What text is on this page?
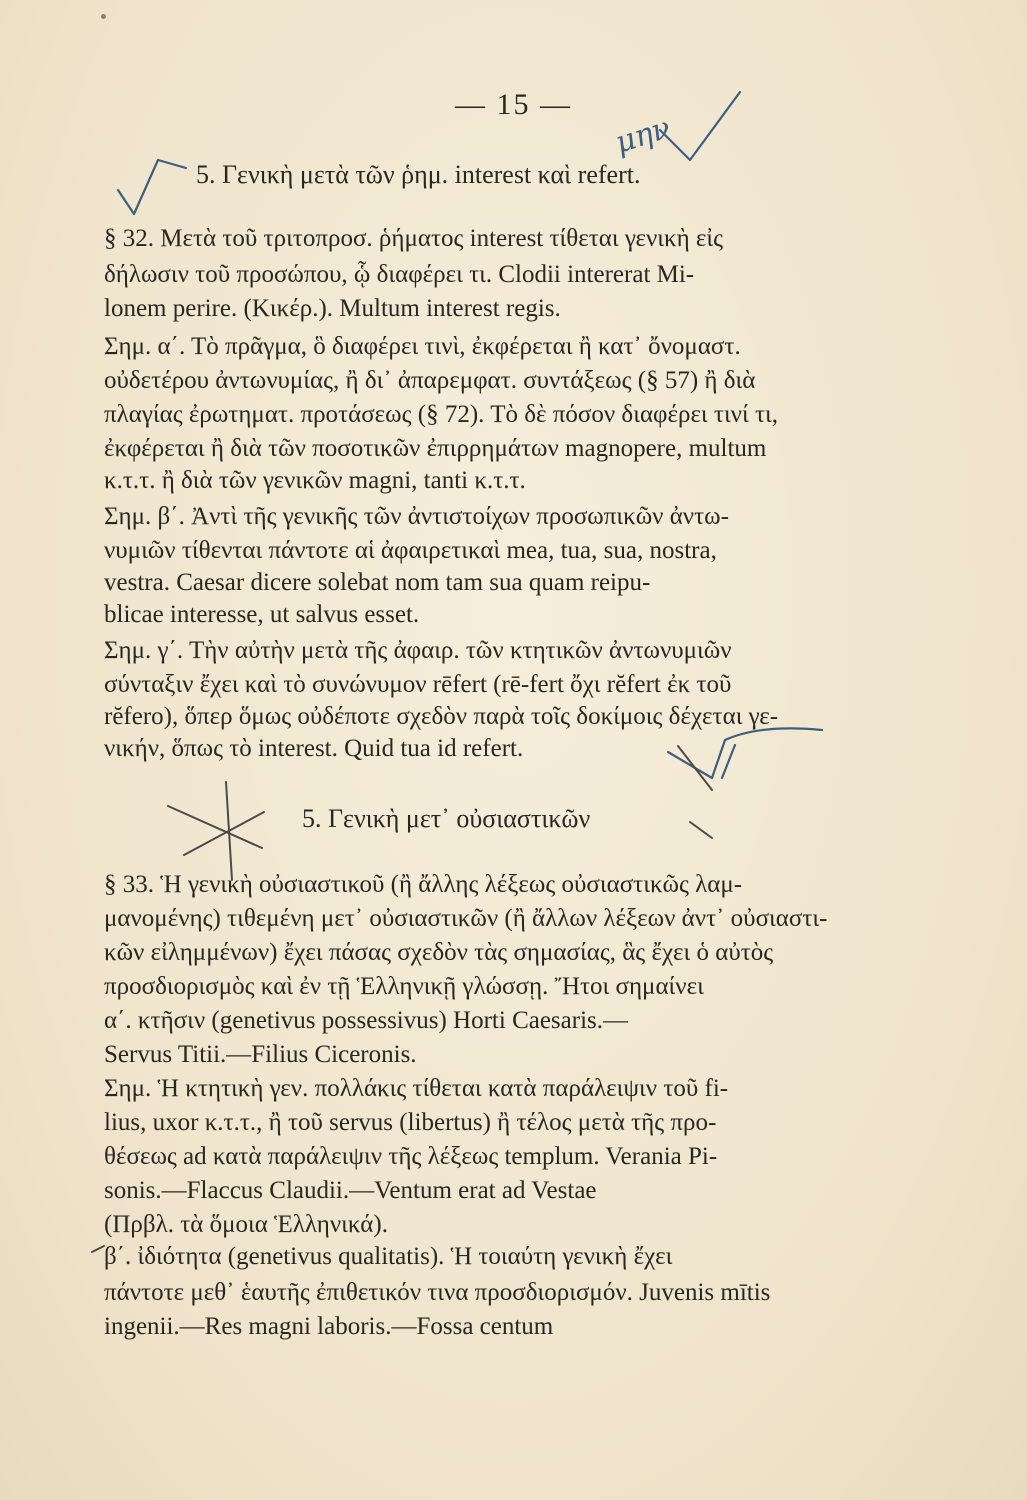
— 15 —
5. Γενικὴ μετὰ τῶν ῥημ. interest καὶ refert.
§ 32. Μετὰ τοῦ τριτοπροσ. ῥήματος interest τίθεται γενικὴ εἰς
δήλωσιν τοῦ προσώπου, ᾧ διαφέρει τι. Clodii intererat Mi-
lonem perire. (Κικέρ.). Multum interest regis.
Σημ. α΄. Τὸ πρᾶγμα, ὃ διαφέρει τινὶ, ἐκφέρεται ἢ κατ᾽ ὄνομαστ.
οὐδετέρου ἀντωνυμίας, ἢ δι᾽ ἀπαρεμφατ. συντάξεως (§ 57) ἢ διὰ
πλαγίας ἐρωτηματ. προτάσεως (§ 72). Τὸ δὲ πόσον διαφέρει τινί τι,
ἐκφέρεται ἢ διὰ τῶν ποσοτικῶν ἐπιρρημάτων magnopere, multum
κ.τ.τ. ἢ διὰ τῶν γενικῶν magni, tanti κ.τ.τ.
Σημ. β΄. Ἀντὶ τῆς γενικῆς τῶν ἀντιστοίχων προσωπικῶν ἀντω-
νυμιῶν τίθενται πάντοτε αἱ ἀφαιρετικαὶ mea, tua, sua, nostra,
vestra. Caesar dicere solebat nom tam sua quam reipu-
blicae interesse, ut salvus esset.
Σημ. γ΄. Τὴν αὐτὴν μετὰ τῆς ἀφαιρ. τῶν κτητικῶν ἀντωνυμιῶν
σύνταξιν ἔχει καὶ τὸ συνώνυμον rēfert (rē-fert ὄχι rĕfert ἐκ τοῦ
rĕfero), ὅπερ ὅμως οὐδέποτε σχεδὸν παρὰ τοῖς δοκίμοις δέχεται γε-
νικήν, ὅπως τὸ interest. Quid tua id refert.
5. Γενικὴ μετ᾽ οὐσιαστικῶν
§ 33. Ἡ γενικὴ οὐσιαστικοῦ (ἢ ἄλλης λέξεως οὐσιαστικῶς λαμ-
μανομένης) τιθεμένη μετ᾽ οὐσιαστικῶν (ἢ ἄλλων λέξεων ἀντ᾽ οὐσιαστι-
κῶν εἰλημμένων) ἔχει πάσας σχεδὸν τὰς σημασίας, ἃς ἔχει ὁ αὐτὸς
προσδιορισμὸς καὶ ἐν τῇ Ἑλληνικῇ γλώσσῃ. Ἤτοι σημαίνει
α΄. κτῆσιν (genetivus possessivus) Horti Caesaris.—
Servus Titii.—Filius Ciceronis.
Σημ. Ἡ κτητικὴ γεν. πολλάκις τίθεται κατὰ παράλειψιν τοῦ fi-
lius, uxor κ.τ.τ., ἢ τοῦ servus (libertus) ἢ τέλος μετὰ τῆς προ-
θέσεως ad κατὰ παράλειψιν τῆς λέξεως templum. Verania Pi-
sonis.—Flaccus Claudii.—Ventum erat ad Vestae
(Πρβλ. τὰ ὅμοια Ἑλληνικά).
β΄. ἰδιότητα (genetivus qualitatis). Ἡ τοιαύτη γενικὴ ἔχει
πάντοτε μεθ᾽ ἑαυτῆς ἐπιθετικόν τινα προσδιορισμόν. Juvenis mītis
ingenii.—Res magni laboris.—Fossa centum
μην
